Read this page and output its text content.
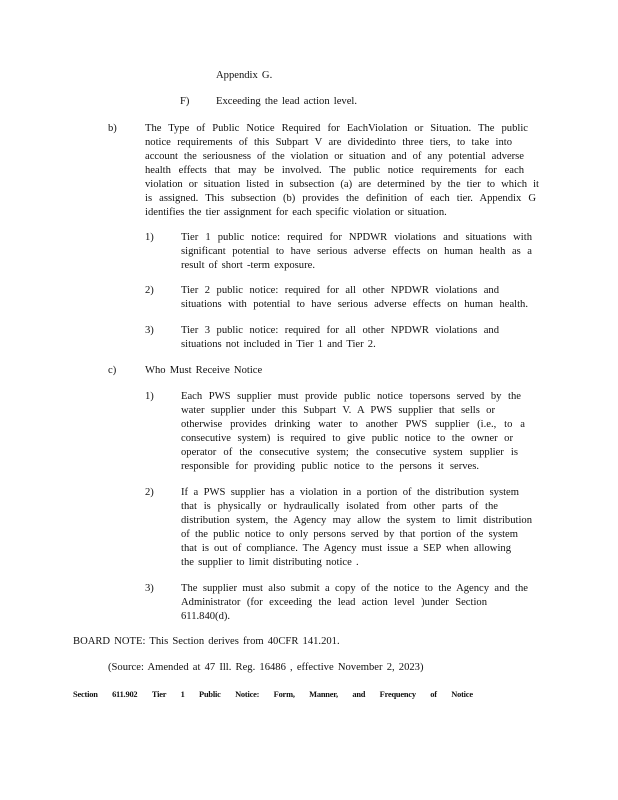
Appendix G.

F)	Exceeding the lead action level.

b)	The Type of Public Notice Required for EachViolation or Situation. The public

notice requirements of this Subpart V are dividedinto three tiers, to take into

account the seriousness of the violation or situation and of any potential adverse

health effects that may be involved. The public notice requirements for each

violation or situation listed in subsection (a) are determined by the tier to which it

is assigned. This subsection (b) provides the definition of each tier. Appendix G

identifies the tier assignment for each specific violation or situation.

1)	Tier 1 public notice: required for NPDWR violations and situations with

significant potential to have serious adverse effects on human health as a

result of short -term exposure.

2)	Tier 2 public notice: required for all other NPDWR violations and

situations with potential to have serious adverse effects on human health.

3)	Tier 3 public notice: required for all other NPDWR violations and

situations not included in Tier 1 and Tier 2.

c)	Who Must Receive Notice

1)	Each PWS supplier must provide public notice topersons served by the

water supplier under this Subpart V. A PWS supplier that sells or

otherwise provides drinking water to another PWS supplier (i.e., to a

consecutive system) is required to give public notice to the owner or

operator of the consecutive system; the consecutive system supplier is

responsible for providing public notice to the persons it serves.

2)	If a PWS supplier has a violation in a portion of the distribution system

that is physically or hydraulically isolated from other parts of the

distribution system, the Agency may allow the system to limit distribution

of the public notice to only persons served by that portion of the system

that is out of compliance. The Agency must issue a SEP when allowing

the supplier to limit distributing notice .

3)	The supplier must also submit a copy of the notice to the Agency and the

Administrator (for exceeding the lead action level )under Section

611.840(d).

BOARD NOTE: This Section derives from 40CFR 141.201.

(Source: Amended at 47 Ill. Reg. 16486 , effective November 2, 2023)

Section 611.902 Tier 1 Public Notice: Form, Manner, and Frequency of Notice
